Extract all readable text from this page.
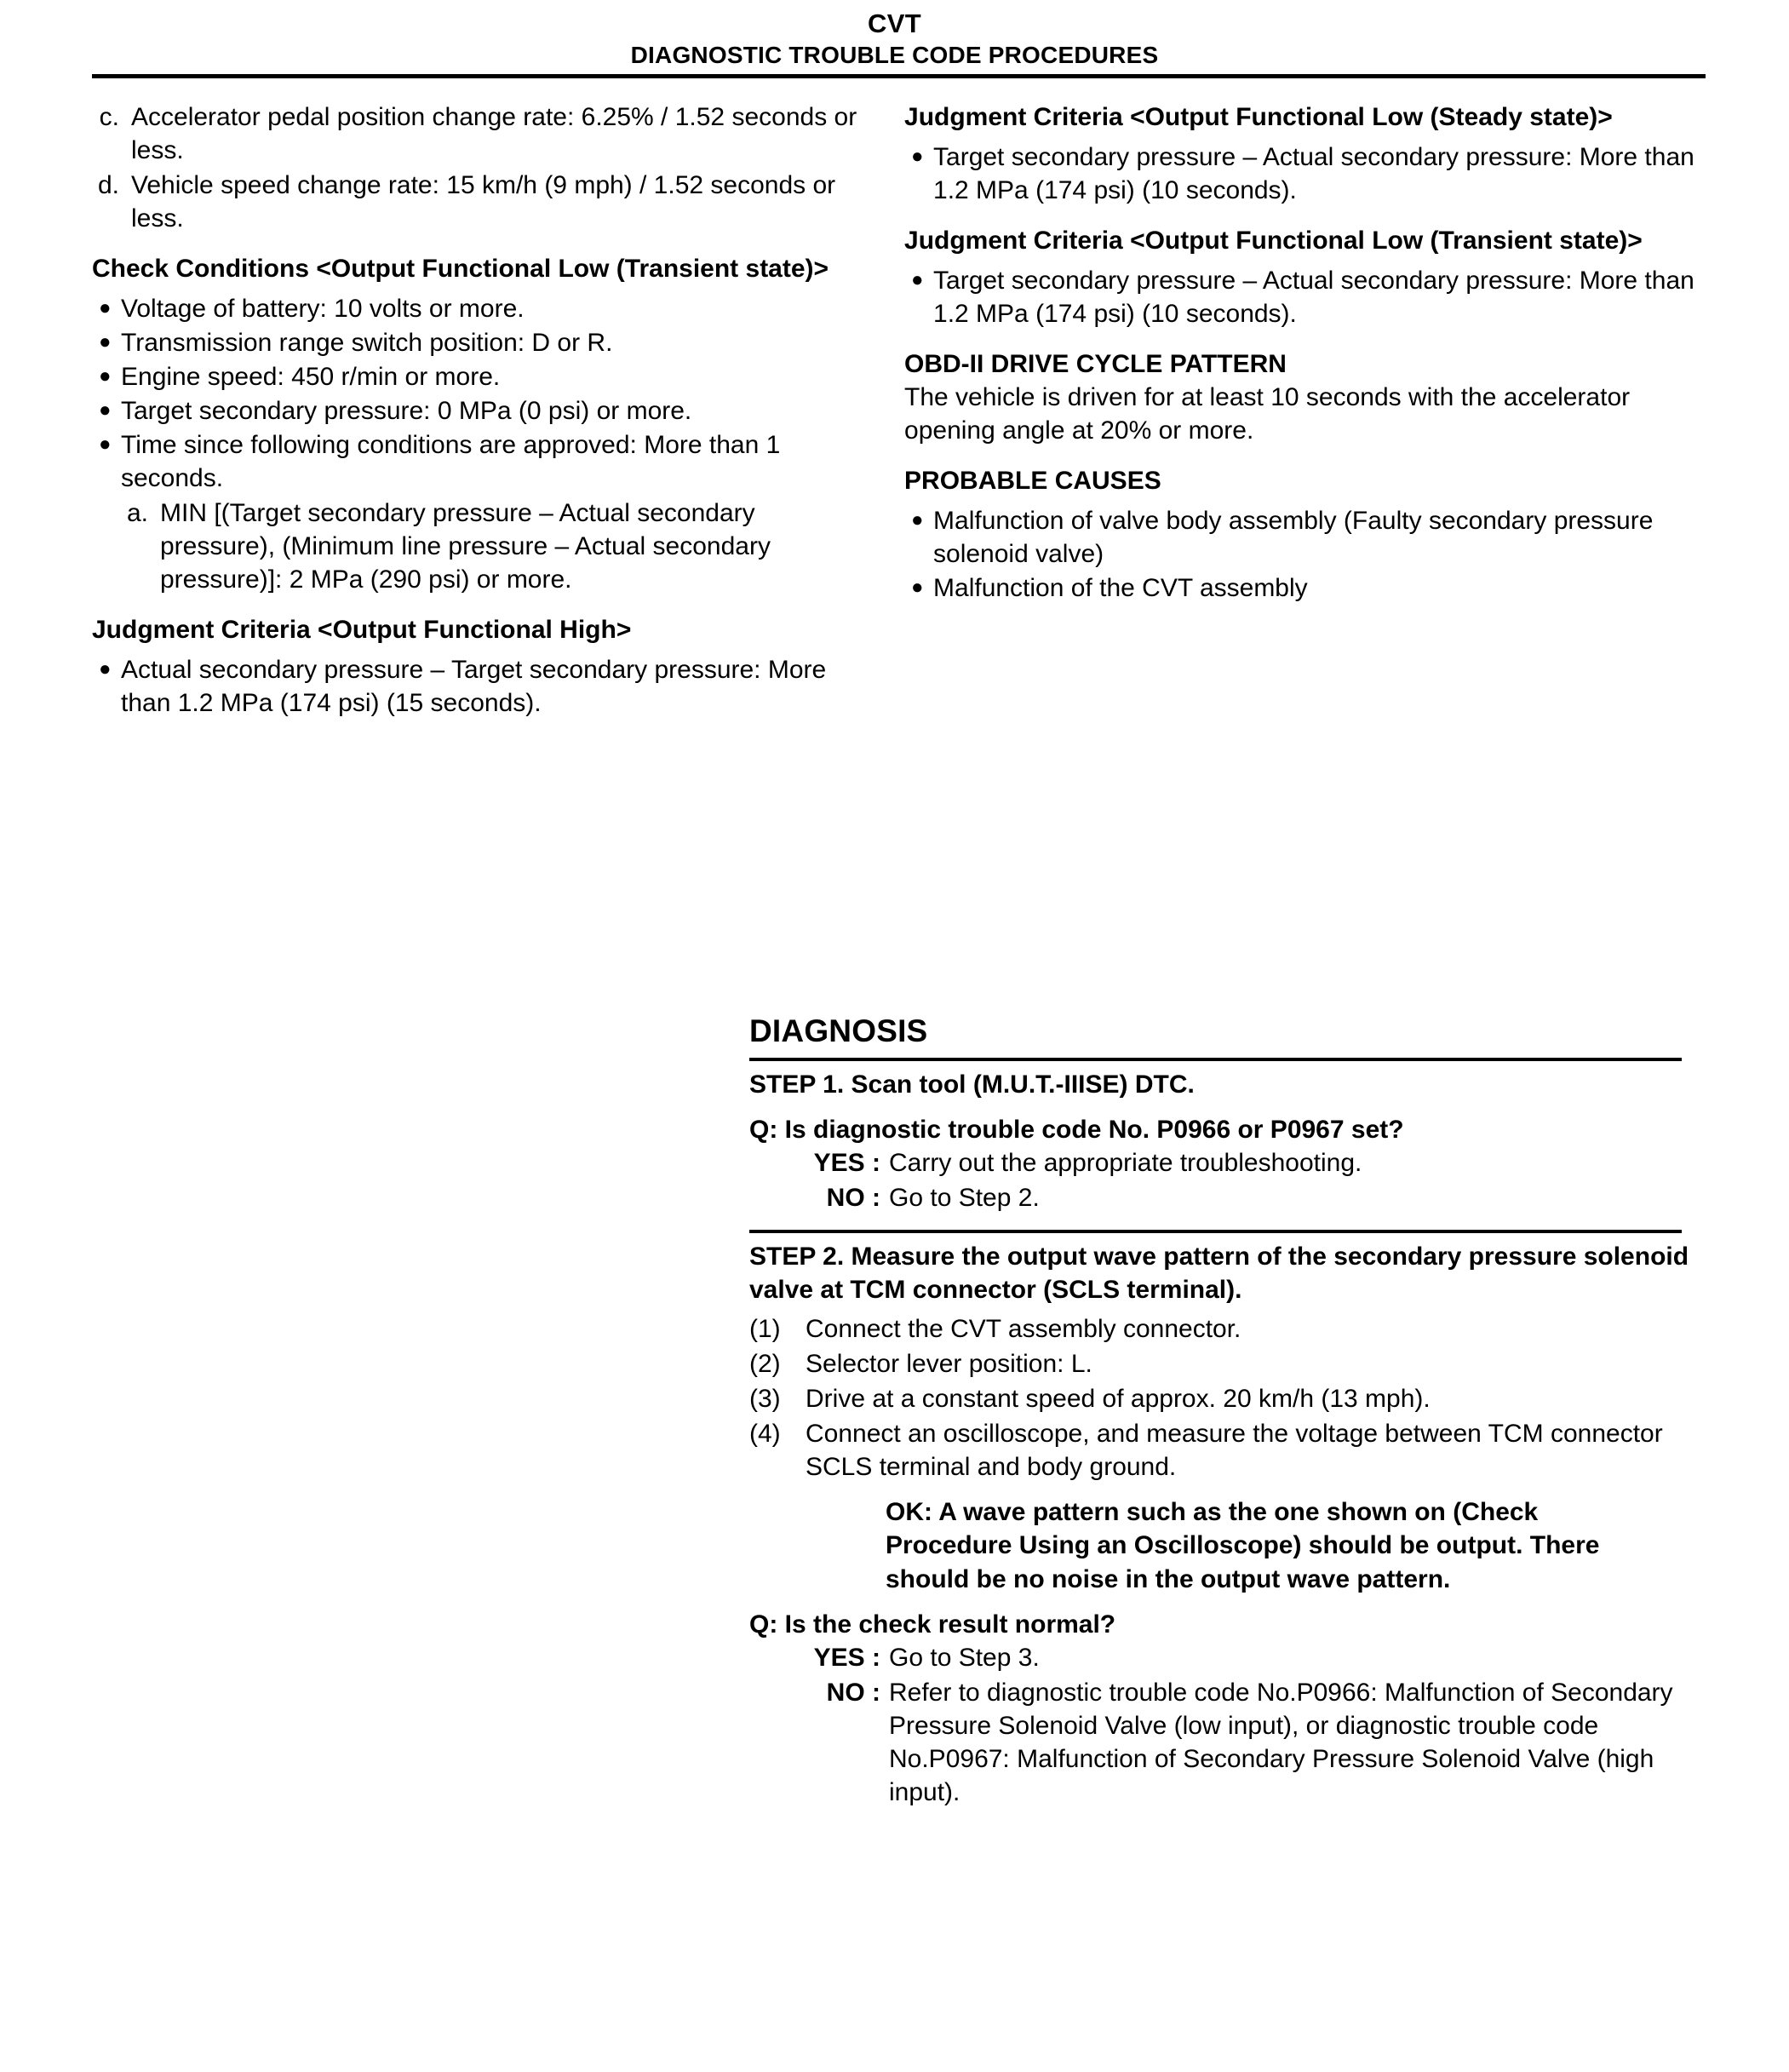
CVT
DIAGNOSTIC TROUBLE CODE PROCEDURES
c. Accelerator pedal position change rate: 6.25% / 1.52 seconds or less.
d. Vehicle speed change rate: 15 km/h (9 mph) / 1.52 seconds or less.
Check Conditions <Output Functional Low (Transient state)>
● Voltage of battery: 10 volts or more.
● Transmission range switch position: D or R.
● Engine speed: 450 r/min or more.
● Target secondary pressure: 0 MPa (0 psi) or more.
● Time since following conditions are approved: More than 1 seconds.
a. MIN [(Target secondary pressure – Actual secondary pressure), (Minimum line pressure – Actual secondary pressure)]: 2 MPa (290 psi) or more.
Judgment Criteria <Output Functional High>
● Actual secondary pressure – Target secondary pressure: More than 1.2 MPa (174 psi) (15 seconds).
Judgment Criteria <Output Functional Low (Steady state)>
● Target secondary pressure – Actual secondary pressure: More than 1.2 MPa (174 psi) (10 seconds).
Judgment Criteria <Output Functional Low (Transient state)>
● Target secondary pressure – Actual secondary pressure: More than 1.2 MPa (174 psi) (10 seconds).
OBD-II DRIVE CYCLE PATTERN
The vehicle is driven for at least 10 seconds with the accelerator opening angle at 20% or more.
PROBABLE CAUSES
● Malfunction of valve body assembly (Faulty secondary pressure solenoid valve)
● Malfunction of the CVT assembly
DIAGNOSIS
STEP 1. Scan tool (M.U.T.-IIISE) DTC.
Q: Is diagnostic trouble code No. P0966 or P0967 set?
YES : Carry out the appropriate troubleshooting.
NO : Go to Step 2.
STEP 2. Measure the output wave pattern of the secondary pressure solenoid valve at TCM connector (SCLS terminal).
(1) Connect the CVT assembly connector.
(2) Selector lever position: L.
(3) Drive at a constant speed of approx. 20 km/h (13 mph).
(4) Connect an oscilloscope, and measure the voltage between TCM connector SCLS terminal and body ground.
OK: A wave pattern such as the one shown on (Check Procedure Using an Oscilloscope) should be output. There should be no noise in the output wave pattern.
Q: Is the check result normal?
YES : Go to Step 3.
NO : Refer to diagnostic trouble code No.P0966: Malfunction of Secondary Pressure Solenoid Valve (low input), or diagnostic trouble code No.P0967: Malfunction of Secondary Pressure Solenoid Valve (high input).
